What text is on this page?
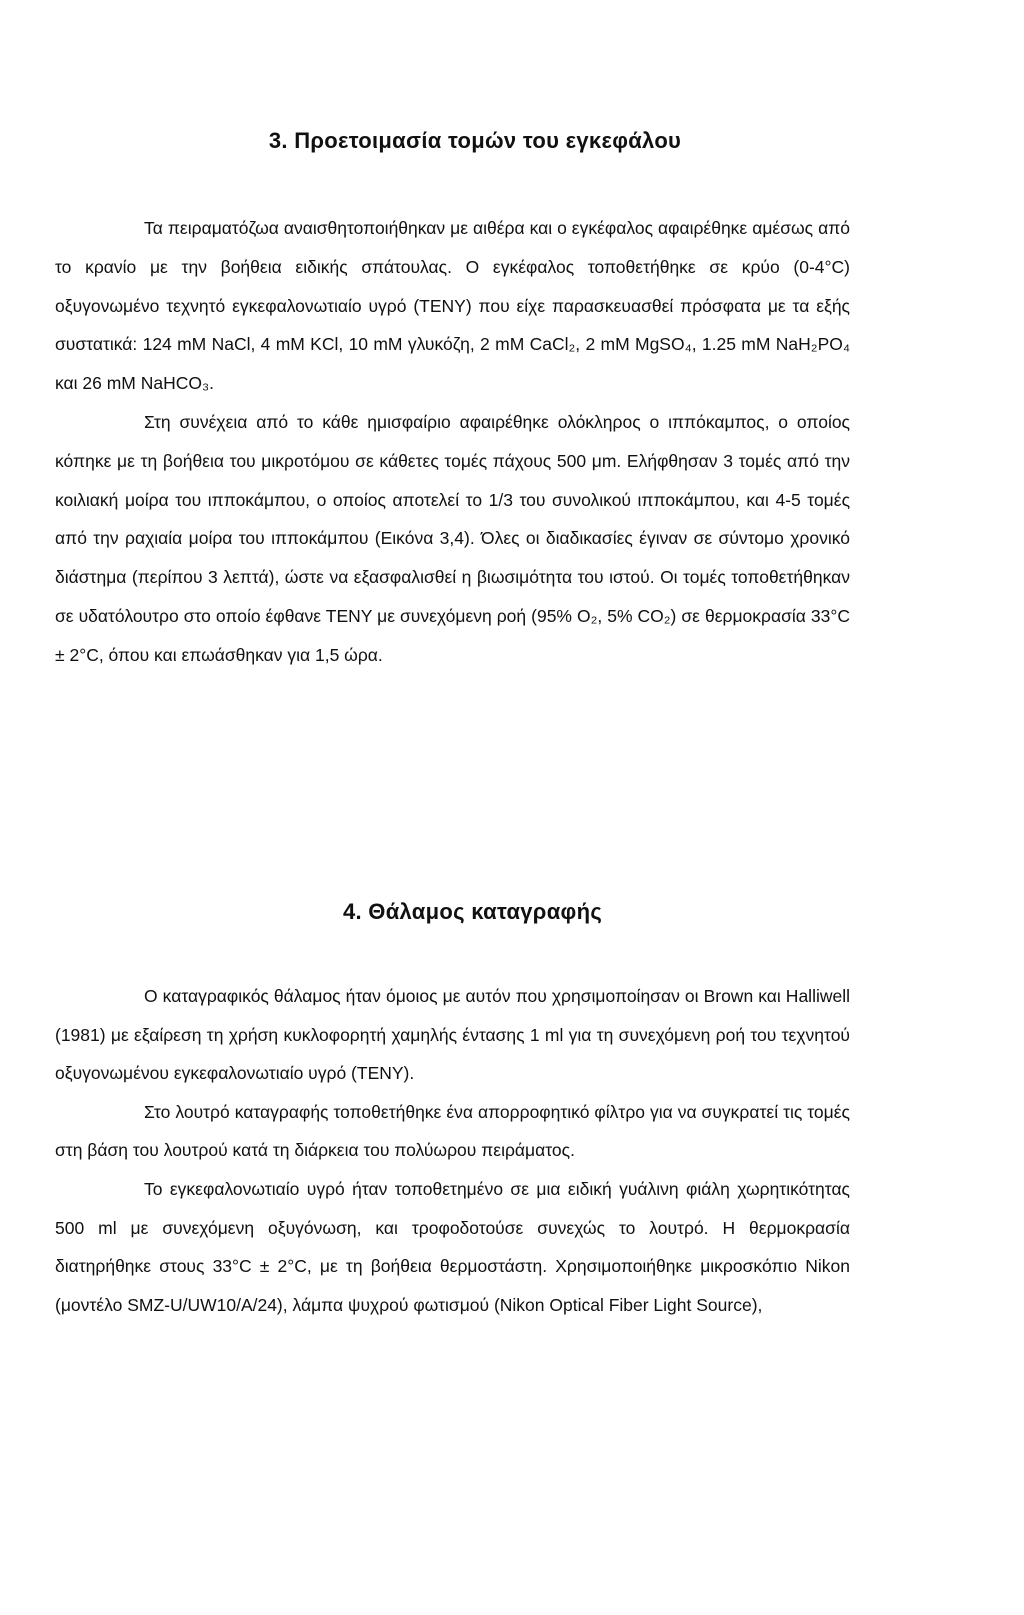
3. Προετοιμασία τομών του εγκεφάλου

Τα πειραματόζωα αναισθητοποιήθηκαν με αιθέρα και ο εγκέφαλος αφαιρέθηκε αμέσως από το κρανίο με την βοήθεια ειδικής σπάτουλας. Ο εγκέφαλος τοποθετήθηκε σε κρύο (0-4°C) οξυγονωμένο τεχνητό εγκεφαλονωτιαίο υγρό (ΤΕΝΥ) που είχε παρασκευασθεί πρόσφατα με τα εξής συστατικά: 124 mM NaCl, 4 mM KCl, 10 mM γλυκόζη, 2 mM CaCl₂, 2 mM MgSO₄, 1.25 mM NaH₂PO₄ και 26 mM NaHCO₃.

Στη συνέχεια από το κάθε ημισφαίριο αφαιρέθηκε ολόκληρος ο ιππόκαμπος, ο οποίος κόπηκε με τη βοήθεια του μικροτόμου σε κάθετες τομές πάχους 500 μm. Ελήφθησαν 3 τομές από την κοιλιακή μοίρα του ιπποκάμπου, ο οποίος αποτελεί το 1/3 του συνολικού ιπποκάμπου, και 4-5 τομές από την ραχιαία μοίρα του ιπποκάμπου (Εικόνα 3,4). Όλες οι διαδικασίες έγιναν σε σύντομο χρονικό διάστημα (περίπου 3 λεπτά), ώστε να εξασφαλισθεί η βιωσιμότητα του ιστού. Οι τομές τοποθετήθηκαν σε υδατόλουτρο στο οποίο έφθανε ΤΕΝΥ με συνεχόμενη ροή (95% O₂, 5% CO₂) σε θερμοκρασία 33°C ± 2°C, όπου και επωάσθηκαν για 1,5 ώρα.

4. Θάλαμος καταγραφής

Ο καταγραφικός θάλαμος ήταν όμοιος με αυτόν που χρησιμοποίησαν οι Brown και Halliwell (1981) με εξαίρεση τη χρήση κυκλοφορητή χαμηλής έντασης 1 ml για τη συνεχόμενη ροή του τεχνητού οξυγονωμένου εγκεφαλονωτιαίο υγρό (ΤΕΝΥ).

Στο λουτρό καταγραφής τοποθετήθηκε ένα απορροφητικό φίλτρο για να συγκρατεί τις τομές στη βάση του λουτρού κατά τη διάρκεια του πολύωρου πειράματος.

Το εγκεφαλονωτιαίο υγρό ήταν τοποθετημένο σε μια ειδική γυάλινη φιάλη χωρητικότητας 500 ml με συνεχόμενη οξυγόνωση, και τροφοδοτούσε συνεχώς το λουτρό. Η θερμοκρασία διατηρήθηκε στους 33°C ± 2°C, με τη βοήθεια θερμοστάστη. Χρησιμοποιήθηκε μικροσκόπιο Nikon (μοντέλο SMZ-U/UW10/A/24), λάμπα ψυχρού φωτισμού (Nikon Optical Fiber Light Source),
